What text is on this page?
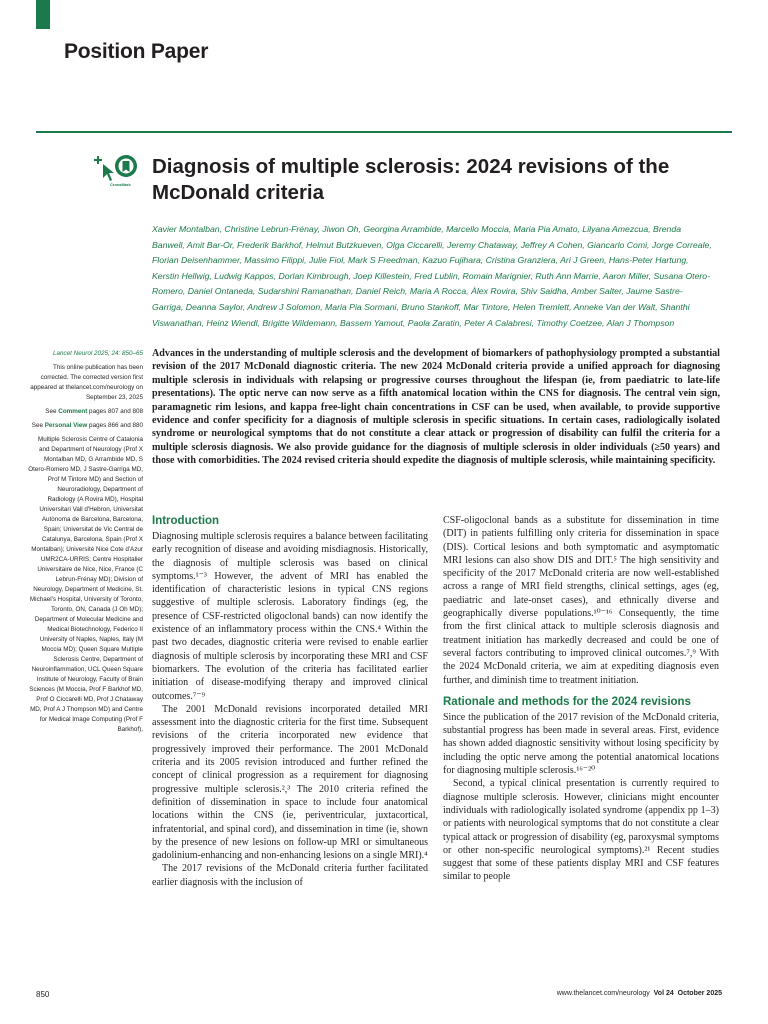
Position Paper
CrossMark
Diagnosis of multiple sclerosis: 2024 revisions of the McDonald criteria
Xavier Montalban, Christine Lebrun-Frénay, Jiwon Oh, Georgina Arrambide, Marcello Moccia, Maria Pia Amato, Lilyana Amezcua, Brenda Banwell, Amit Bar-Or, Frederik Barkhof, Helmut Butzkueven, Olga Ciccarelli, Jeremy Chataway, Jeffrey A Cohen, Giancarlo Comi, Jorge Correale, Florian Deisenhammer, Massimo Filippi, Julie Fiol, Mark S Freedman, Kazuo Fujihara, Cristina Granziera, Ari J Green, Hans-Peter Hartung, Kerstin Hellwig, Ludwig Kappos, Dorlan Kimbrough, Joep Killestein, Fred Lublin, Romain Marignier, Ruth Ann Marrie, Aaron Miller, Susana Otero-Romero, Daniel Ontaneda, Sudarshini Ramanathan, Daniel Reich, Maria A Rocca, Àlex Rovira, Shiv Saidha, Amber Salter, Jaume Sastre-Garriga, Deanna Saylor, Andrew J Solomon, Maria Pia Sormani, Bruno Stankoff, Mar Tintore, Helen Tremlett, Anneke Van der Walt, Shanthi Viswanathan, Heinz Wiendl, Brigitte Wildemann, Bassem Yamout, Paola Zaratin, Peter A Calabresi, Timothy Coetzee, Alan J Thompson
Lancet Neurol 2025; 24: 850–65
This online publication has been corrected. The corrected version first appeared at thelancet.com/neurology on September 23, 2025
See Comment pages 807 and 808
See Personal View pages 866 and 880
Multiple Sclerosis Centre of Catalonia and Department of Neurology (Prof X Montalban MD, G Arrambide MD, S Otero-Romero MD, J Sastre-Garriga MD, Prof M Tintore MD) and Section of Neuroradiology, Department of Radiology (A Rovira MD), Hospital Universitari Vall d'Hebron, Universitat Autònoma de Barcelona, Barcelona, Spain; Universitat de Vic Central de Catalunya, Barcelona, Spain (Prof X Montalban); Université Nice Cote d'Azur UMR2CA-URRIS; Centre Hospitalier Universitaire de Nice, Nice, France (C Lebrun-Frénay MD); Division of Neurology, Department of Medicine, St. Michael's Hospital, University of Toronto, Toronto, ON, Canada (J Oh MD); Department of Molecular Medicine and Medical Biotechnology, Federico II University of Naples, Naples, Italy (M Moccia MD); Queen Square Multiple Sclerosis Centre, Department of Neuroinflammation, UCL Queen Square Institute of Neurology, Faculty of Brain Sciences (M Moccia, Prof F Barkhof MD, Prof O Ciccarelli MD, Prof J Chataway MD, Prof A J Thompson MD) and Centre for Medical Image Computing (Prof F Barkhof),

Advances in the understanding of multiple sclerosis and the development of biomarkers of pathophysiology prompted a substantial revision of the 2017 McDonald diagnostic criteria. The new 2024 McDonald criteria provide a unified approach for diagnosing multiple sclerosis in individuals with relapsing or progressive courses throughout the lifespan (ie, from paediatric to late-life presentations). The optic nerve can now serve as a fifth anatomical location within the CNS for diagnosis. The central vein sign, paramagnetic rim lesions, and kappa free-light chain concentrations in CSF can be used, when available, to provide supportive evidence and confer specificity for a diagnosis of multiple sclerosis in specific situations. In certain cases, radiologically isolated syndrome or neurological symptoms that do not constitute a clear attack or progression of disability can fulfil the criteria for a multiple sclerosis diagnosis. We also provide guidance for the diagnosis of multiple sclerosis in older individuals (≥50 years) and those with comorbidities. The 2024 revised criteria should expedite the diagnosis of multiple sclerosis, while maintaining specificity.

Introduction

Diagnosing multiple sclerosis requires a balance between facilitating early recognition of disease and avoiding misdiagnosis. Historically, the diagnosis of multiple sclerosis was based on clinical symptoms.¹⁻³ However, the advent of MRI has enabled the identification of characteristic lesions in typical CNS regions suggestive of multiple sclerosis. Laboratory findings (eg, the presence of CSF-restricted oligoclonal bands) can now identify the existence of an inflammatory process within the CNS.⁴ Within the past two decades, diagnostic criteria were revised to enable earlier diagnosis of multiple sclerosis by incorporating these MRI and CSF biomarkers. The evolution of the criteria has facilitated earlier initiation of disease-modifying therapy and improved clinical outcomes.⁷⁻⁹

The 2001 McDonald revisions incorporated detailed MRI assessment into the diagnostic criteria for the first time. Subsequent revisions of the criteria incorporated new evidence that progressively improved their performance. The 2001 McDonald criteria and its 2005 revision introduced and further refined the concept of clinical progression as a requirement for diagnosing progressive multiple sclerosis.²,³ The 2010 criteria refined the definition of dissemination in space to include four anatomical locations within the CNS (ie, periventricular, juxtacortical, infratentorial, and spinal cord), and dissemination in time (ie, shown by the presence of new lesions on follow-up MRI or simultaneous gadolinium-enhancing and non-enhancing lesions on a single MRI).⁴

The 2017 revisions of the McDonald criteria further facilitated earlier diagnosis with the inclusion of

CSF-oligoclonal bands as a substitute for dissemination in time (DIT) in patients fulfilling only criteria for dissemination in space (DIS). Cortical lesions and both symptomatic and asymptomatic MRI lesions can also show DIS and DIT.⁵ The high sensitivity and specificity of the 2017 McDonald criteria are now well-established across a range of MRI field strengths, clinical settings, ages (eg, paediatric and late-onset cases), and ethnically diverse and geographically diverse populations.¹⁰⁻¹⁶ Consequently, the time from the first clinical attack to multiple sclerosis diagnosis and treatment initiation has markedly decreased and could be one of several factors contributing to improved clinical outcomes.⁷,⁹ With the 2024 McDonald criteria, we aim at expediting diagnosis even further, and diminish time to treatment initiation.

Rationale and methods for the 2024 revisions

Since the publication of the 2017 revision of the McDonald criteria, substantial progress has been made in several areas. First, evidence has shown added diagnostic sensitivity without losing specificity by including the optic nerve among the potential anatomical locations for diagnosing multiple sclerosis.¹⁶⁻²⁰

Second, a typical clinical presentation is currently required to diagnose multiple sclerosis. However, clinicians might encounter individuals with radiologically isolated syndrome (appendix pp 1–3) or patients with neurological symptoms that do not constitute a clear typical attack or progression of disability (eg, paroxysmal symptoms or other non-specific neurological symptoms).²¹ Recent studies suggest that some of these patients display MRI and CSF features similar to people

850	www.thelancet.com/neurology Vol 24 October 2025
